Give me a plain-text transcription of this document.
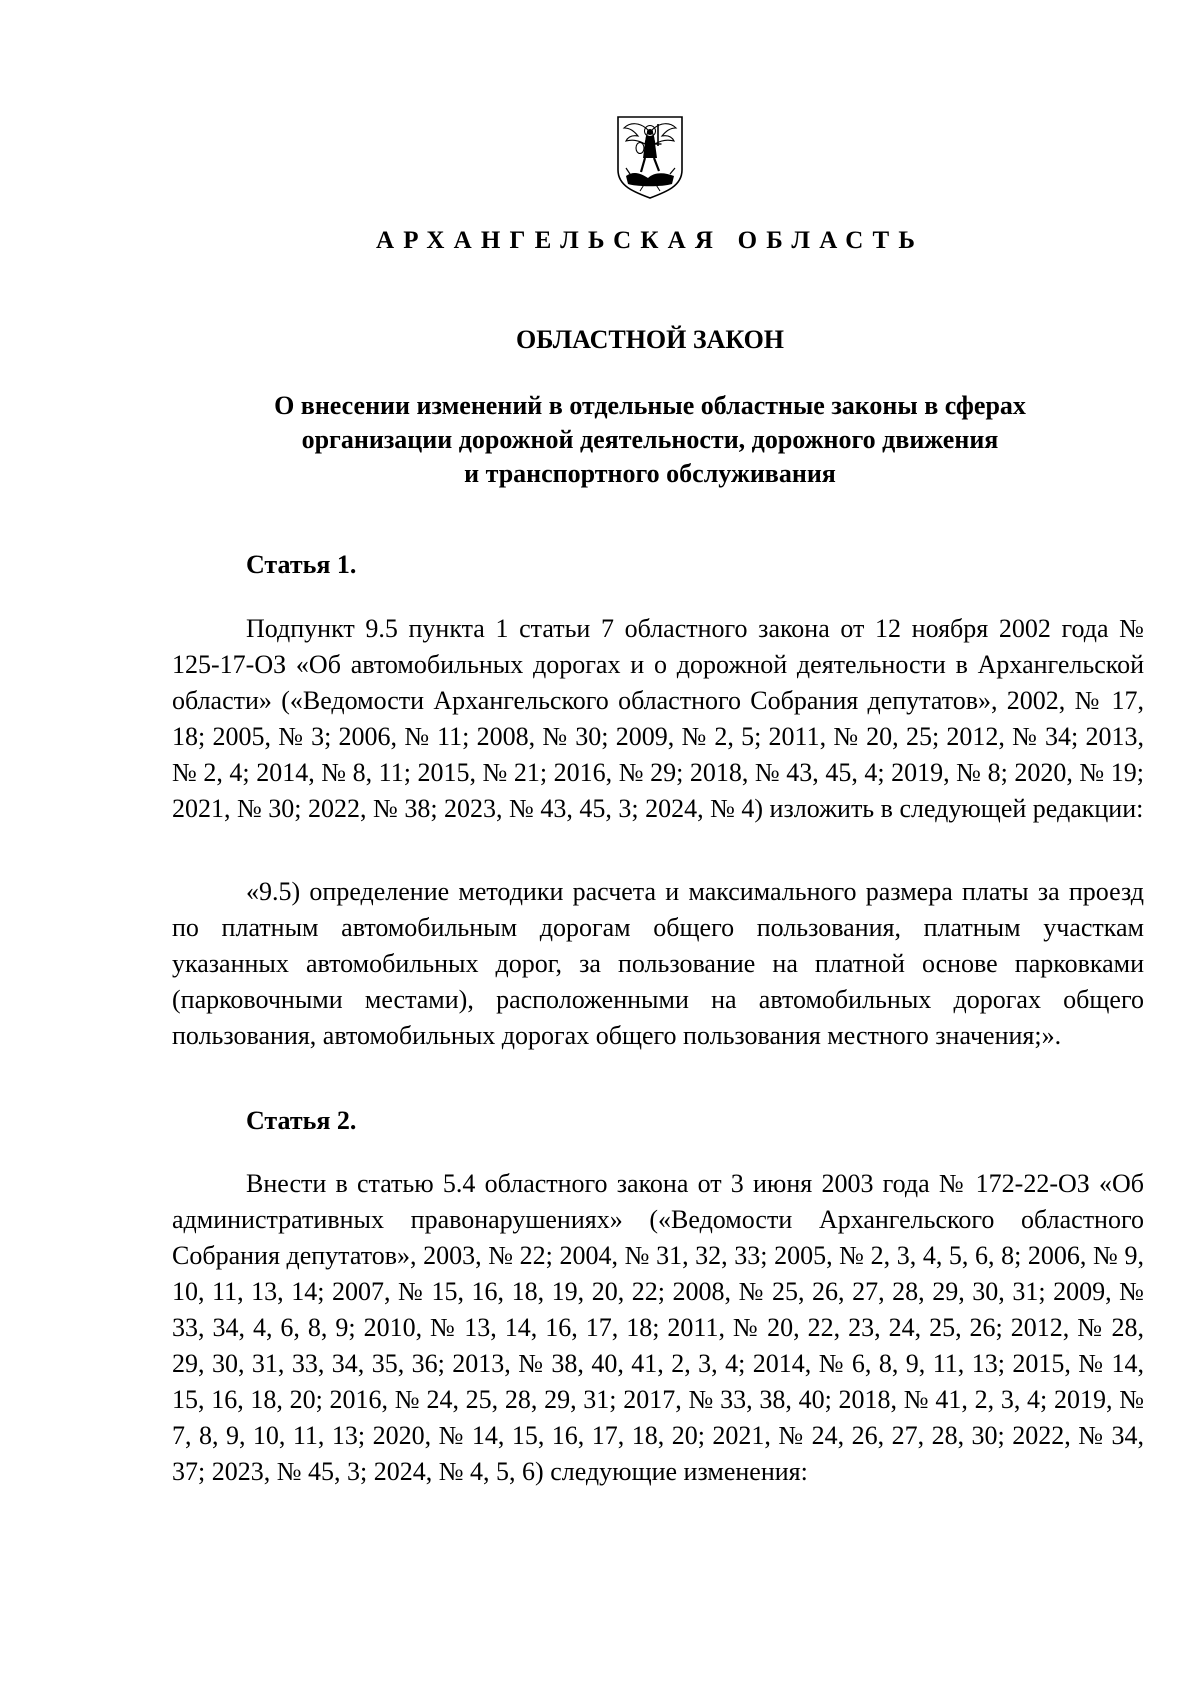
АРХАНГЕЛЬСКАЯ ОБЛАСТЬ
ОБЛАСТНОЙ ЗАКОН
О внесении изменений в отдельные областные законы в сферах
организации дорожной деятельности, дорожного движения
и транспортного обслуживания
Статья 1.

Подпункт 9.5 пункта 1 статьи 7 областного закона от 12 ноября 2002 года № 125-17-ОЗ «Об автомобильных дорогах и о дорожной деятельности в Архангельской области» («Ведомости Архангельского областного Собрания депутатов», 2002, № 17, 18; 2005, № 3; 2006, № 11; 2008, № 30; 2009, № 2, 5; 2011, № 20, 25; 2012, № 34; 2013, № 2, 4; 2014, № 8, 11; 2015, № 21; 2016, № 29; 2018, № 43, 45, 4; 2019, № 8; 2020, № 19; 2021, № 30; 2022, № 38; 2023, № 43, 45, 3; 2024, № 4) изложить в следующей редакции:

«9.5) определение методики расчета и максимального размера платы за проезд по платным автомобильным дорогам общего пользования, платным участкам указанных автомобильных дорог, за пользование на платной основе парковками (парковочными местами), расположенными на автомобильных дорогах общего пользования, автомобильных дорогах общего пользования местного значения;».

Статья 2.

Внести в статью 5.4 областного закона от 3 июня 2003 года № 172-22-ОЗ «Об административных правонарушениях» («Ведомости Архангельского областного Собрания депутатов», 2003, № 22; 2004, № 31, 32, 33; 2005, № 2, 3, 4, 5, 6, 8; 2006, № 9, 10, 11, 13, 14; 2007, № 15, 16, 18, 19, 20, 22; 2008, № 25, 26, 27, 28, 29, 30, 31; 2009, № 33, 34, 4, 6, 8, 9; 2010, № 13, 14, 16, 17, 18; 2011, № 20, 22, 23, 24, 25, 26; 2012, № 28, 29, 30, 31, 33, 34, 35, 36; 2013, № 38, 40, 41, 2, 3, 4; 2014, № 6, 8, 9, 11, 13; 2015, № 14, 15, 16, 18, 20; 2016, № 24, 25, 28, 29, 31; 2017, № 33, 38, 40; 2018, № 41, 2, 3, 4; 2019, № 7, 8, 9, 10, 11, 13; 2020, № 14, 15, 16, 17, 18, 20; 2021, № 24, 26, 27, 28, 30; 2022, № 34, 37; 2023, № 45, 3; 2024, № 4, 5, 6) следующие изменения:
